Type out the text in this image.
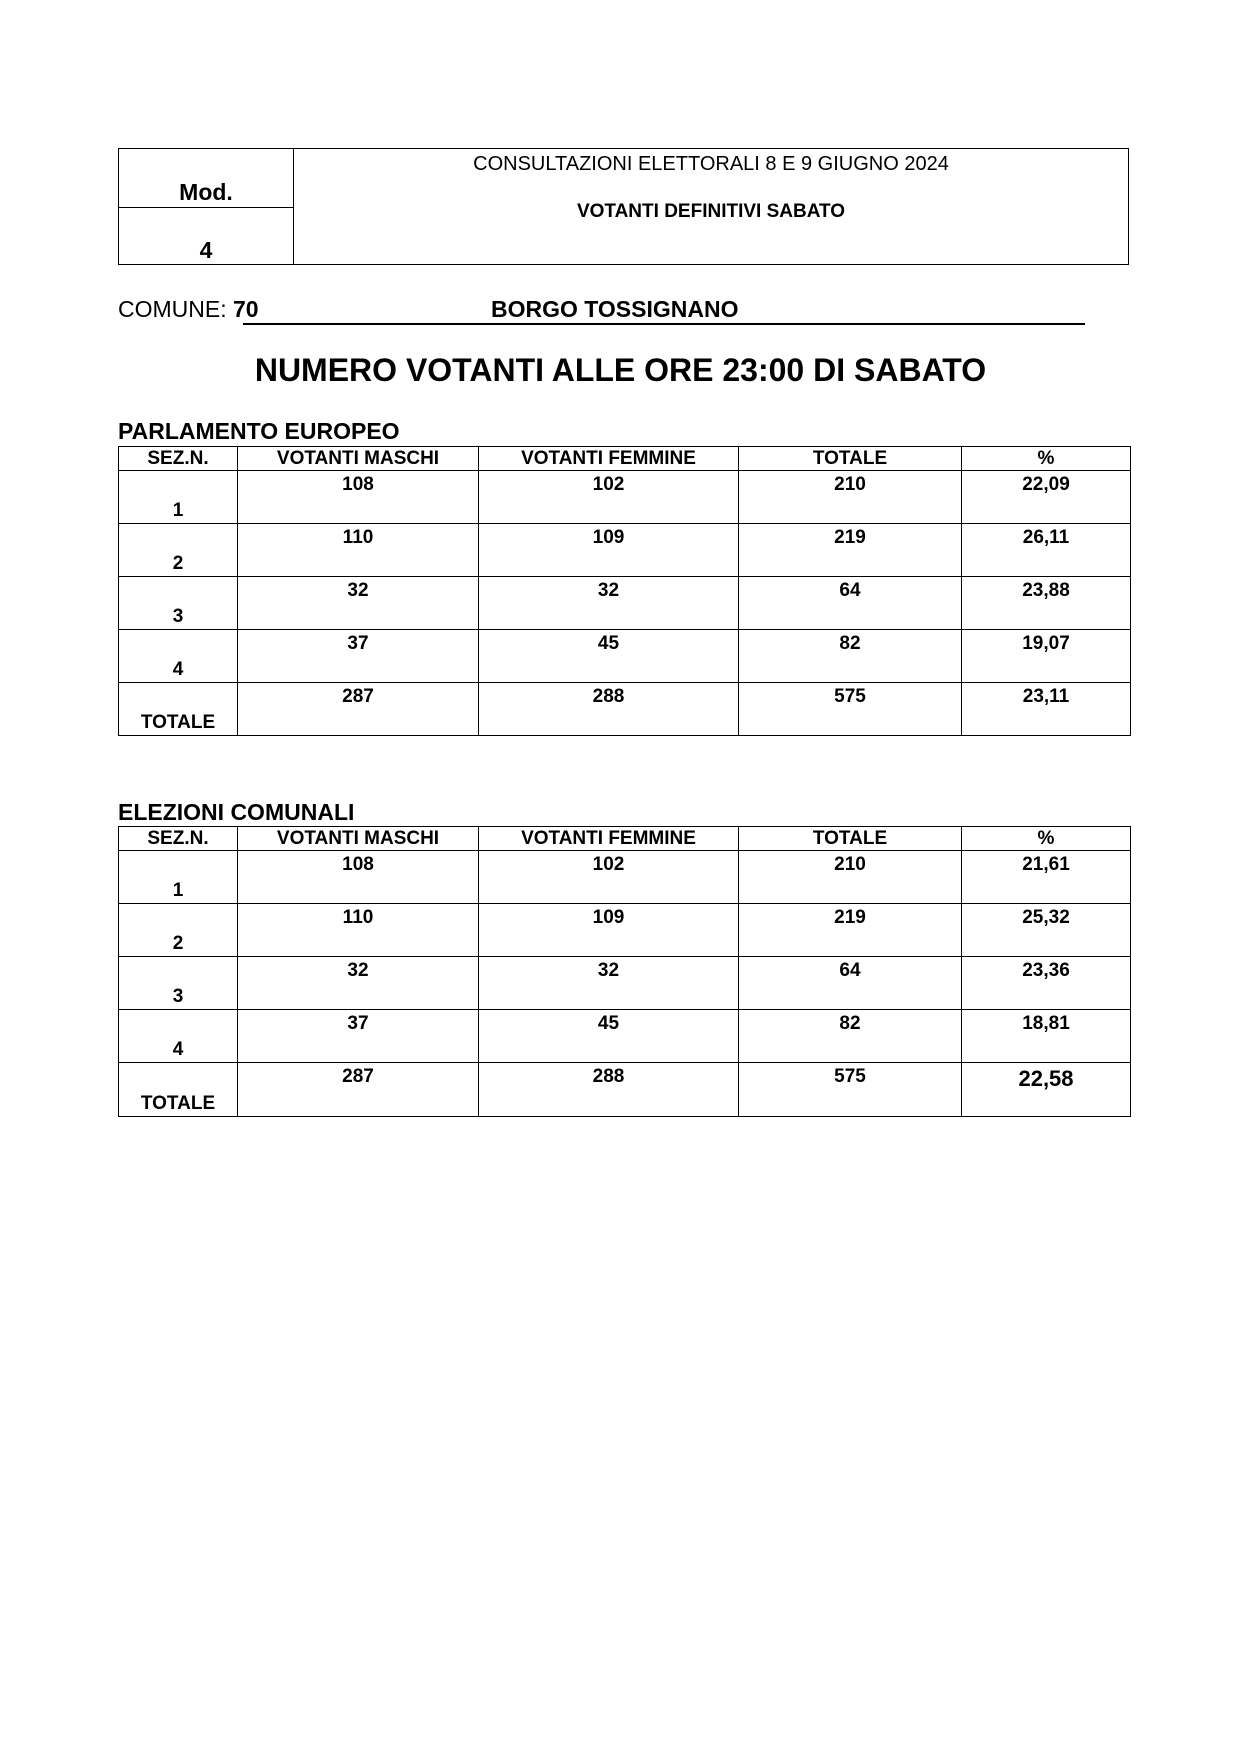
Mod.
4
CONSULTAZIONI ELETTORALI 8 E 9 GIUGNO 2024
VOTANTI DEFINITIVI SABATO
COMUNE: 70	BORGO TOSSIGNANO
NUMERO VOTANTI ALLE ORE 23:00 DI SABATO
PARLAMENTO EUROPEO
SEZ.N.	VOTANTI MASCHI	VOTANTI FEMMINE	TOTALE	%
1	108	102	210	22,09
2	110	109	219	26,11
3	32	32	64	23,88
4	37	45	82	19,07
TOTALE	287	288	575	23,11
ELEZIONI COMUNALI
SEZ.N.	VOTANTI MASCHI	VOTANTI FEMMINE	TOTALE	%
1	108	102	210	21,61
2	110	109	219	25,32
3	32	32	64	23,36
4	37	45	82	18,81
TOTALE	287	288	575	22,58
